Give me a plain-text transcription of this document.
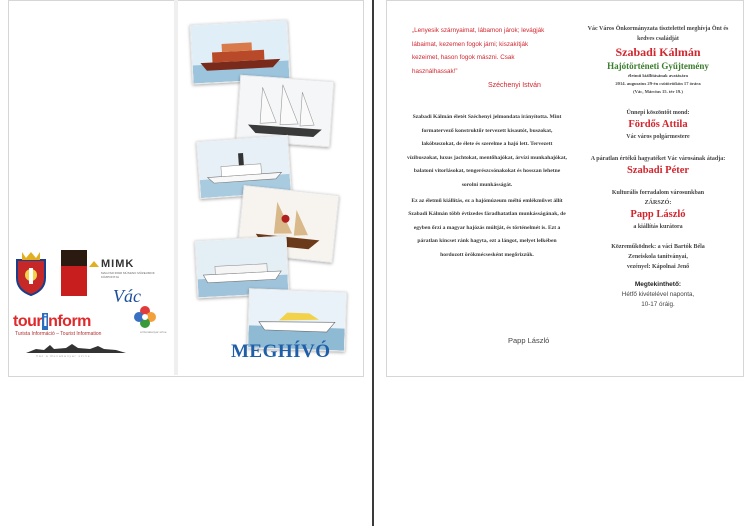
MIMK
MAGYAR IPARI MŰSZAKI MÚZEUMOK KÖZPONTJA
Vác
a Dunakanyar szíve
tourinform
Turista Információ – Tourist Information
Vác a Dunakanyar szíve	MEGHÍVÓ
„Lenyesik szárnyaimat, lábamon járok; levágják lábaimat, kezemen fogok járni; kiszakítják kezeimet, hason fogok mászni. Csak használhassak!”
Széchenyi István

Szabadi Kálmán életét Széchenyi jelmondata irányította. Mint formatervező konstruktőr tervezett kisautót, buszokat, lakóbuszokat, de élete és szerelme a hajó lett. Tervezett vízibuszokat, luxus jachtokat, mentőhajókat, árvízi munkahajókat, balatoni vitorlásokat, tengerészcsónakokat és hosszan lehetne sorolni munkásságát.

Ez az életmű kiállítás, ez a hajómúzeum méltó emlékművet állít Szabadi Kálmán több évtizedes fáradhatatlan munkásságának, de egyben őrzi a magyar hajózás múltját, és történelmét is. Ezt a páratlan kincset ránk hagyta, ezt a lángot, melyet lelkében hordozott örökmécsesként megőrizzük.

Papp László
Vác Város Önkormányzata tisztelettel meghívja Önt és kedves családját
Szabadi Kálmán
Hajótörténeti Gyűjtemény
életmű kiállításának avatására
2014. augusztus 29-én csütörtökön 17 órára
(Vác, Március 15. tér 19.)
Ünnepi köszöntőt mond:
Fördős Attila
Vác város polgármestere
A páratlan értékű hagyatéket Vác városának átadja:
Szabadi Péter
Kulturális forradalom városunkban
ZÁRSZÓ:
Papp László
a kiállítás kurátora
Közreműködnek: a váci Bartók Béla
Zeneiskola tanítványai,
vezényel: Kápolnai Jenő
Megtekinthető:
Hétfő kivételével naponta,
10-17 óráig.
